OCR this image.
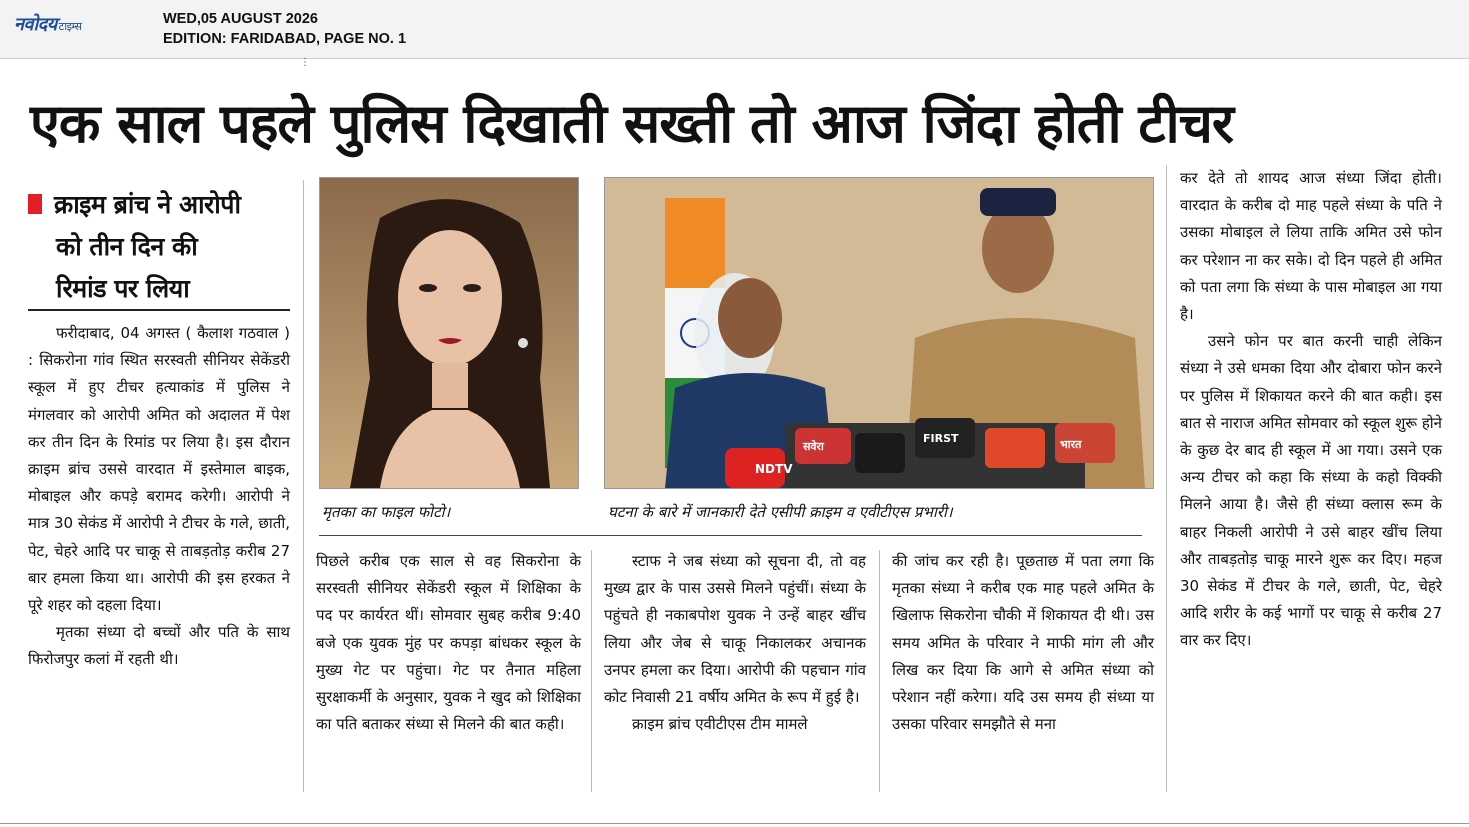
नवोदय टाइम्स	WED,05 AUGUST 2026
EDITION: FARIDABAD, PAGE NO. 1
⋮
एक साल पहले पुलिस दिखाती सख्ती तो आज जिंदा होती टीचर
क्राइम ब्रांच ने आरोपी
को तीन दिन की
रिमांड पर लिया

फरीदाबाद, 04 अगस्त ( कैलाश गठवाल ) : सिकरोना गांव स्थित सरस्वती सीनियर सेकेंडरी स्कूल में हुए टीचर हत्याकांड में पुलिस ने मंगलवार को आरोपी अमित को अदालत में पेश कर तीन दिन के रिमांड पर लिया है। इस दौरान क्राइम ब्रांच उससे वारदात में इस्तेमाल बाइक, मोबाइल और कपड़े बरामद करेगी। आरोपी ने मात्र 30 सेकंड में आरोपी ने टीचर के गले, छाती, पेट, चेहरे आदि पर चाकू से ताबड़तोड़ करीब 27 बार हमला किया था। आरोपी की इस हरकत ने पूरे शहर को दहला दिया।

मृतका संध्या दो बच्चों और पति के साथ फिरोजपुर कलां में रहती थी।

NDTV
सवेरा
FIRST	भारत
मृतका का फाइल फोटो।	घटना के बारे में जानकारी देते एसीपी क्राइम व एवीटीएस प्रभारी।

पिछले करीब एक साल से वह सिकरोना के सरस्वती सीनियर सेकेंडरी स्कूल में शिक्षिका के पद पर कार्यरत थीं। सोमवार सुबह करीब 9:40 बजे एक युवक मुंह पर कपड़ा बांधकर स्कूल के मुख्य गेट पर पहुंचा। गेट पर तैनात महिला सुरक्षाकर्मी के अनुसार, युवक ने खुद को शिक्षिका का पति बताकर संध्या से मिलने की बात कही।

स्टाफ ने जब संध्या को सूचना दी, तो वह मुख्य द्वार के पास उससे मिलने पहुंचीं। संध्या के पहुंचते ही नकाबपोश युवक ने उन्हें बाहर खींच लिया और जेब से चाकू निकालकर अचानक उनपर हमला कर दिया। आरोपी की पहचान गांव कोट निवासी 21 वर्षीय अमित के रूप में हुई है।

क्राइम ब्रांच एवीटीएस टीम मामले

की जांच कर रही है। पूछताछ में पता लगा कि मृतका संध्या ने करीब एक माह पहले अमित के खिलाफ सिकरोना चौकी में शिकायत दी थी। उस समय अमित के परिवार ने माफी मांग ली और लिख कर दिया कि आगे से अमित संध्या को परेशान नहीं करेगा। यदि उस समय ही संध्या या उसका परिवार समझौते से मना

कर देते तो शायद आज संध्या जिंदा होती। वारदात के करीब दो माह पहले संध्या के पति ने उसका मोबाइल ले लिया ताकि अमित उसे फोन कर परेशान ना कर सके। दो दिन पहले ही अमित को पता लगा कि संध्या के पास मोबाइल आ गया है।

उसने फोन पर बात करनी चाही लेकिन संध्या ने उसे धमका दिया और दोबारा फोन करने पर पुलिस में शिकायत करने की बात कही। इस बात से नाराज अमित सोमवार को स्कूल शुरू होने के कुछ देर बाद ही स्कूल में आ गया। उसने एक अन्य टीचर को कहा कि संध्या के कहो विक्की मिलने आया है। जैसे ही संध्या क्लास रूम के बाहर निकली आरोपी ने उसे बाहर खींच लिया और ताबड़तोड़ चाकू मारने शुरू कर दिए। महज 30 सेकंड में टीचर के गले, छाती, पेट, चेहरे आदि शरीर के कई भागों पर चाकू से करीब 27 वार कर दिए।
